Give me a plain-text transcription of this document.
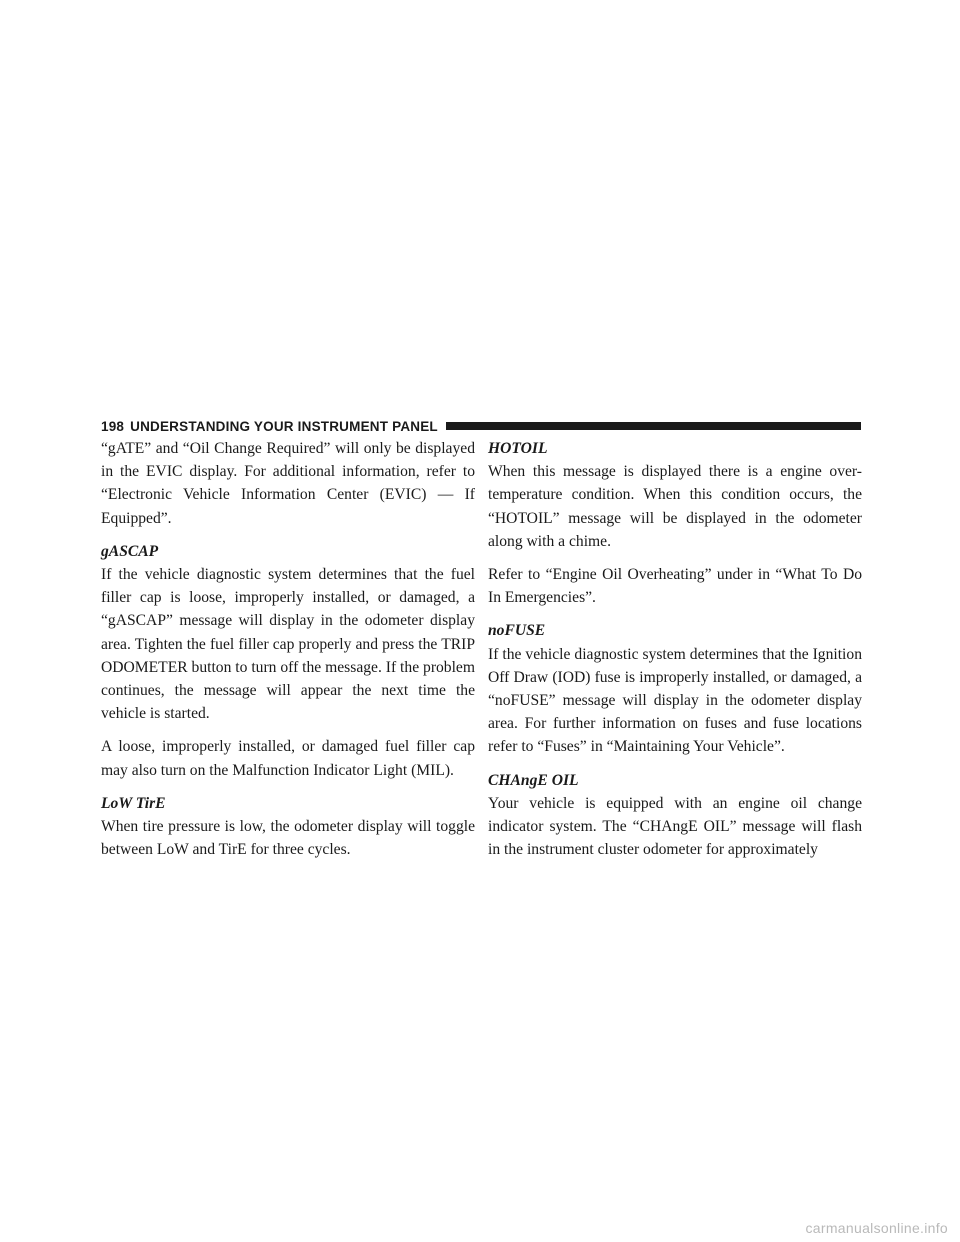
198 UNDERSTANDING YOUR INSTRUMENT PANEL

“gATE” and “Oil Change Required” will only be displayed in the EVIC display. For additional information, refer to “Electronic Vehicle Information Center (EVIC) — If Equipped”.

gASCAP

If the vehicle diagnostic system determines that the fuel filler cap is loose, improperly installed, or damaged, a “gASCAP” message will display in the odometer display area. Tighten the fuel filler cap properly and press the TRIP ODOMETER button to turn off the message. If the problem continues, the message will appear the next time the vehicle is started.

A loose, improperly installed, or damaged fuel filler cap may also turn on the Malfunction Indicator Light (MIL).

LoW TirE

When tire pressure is low, the odometer display will toggle between LoW and TirE for three cycles.

HOTOIL

When this message is displayed there is a engine over-temperature condition. When this condition occurs, the “HOTOIL” message will be displayed in the odometer along with a chime.

Refer to “Engine Oil Overheating” under in “What To Do In Emergencies”.

noFUSE

If the vehicle diagnostic system determines that the Ignition Off Draw (IOD) fuse is improperly installed, or damaged, a “noFUSE” message will display in the odometer display area. For further information on fuses and fuse locations refer to “Fuses” in “Maintaining Your Vehicle”.

CHAngE OIL

Your vehicle is equipped with an engine oil change indicator system. The “CHAngE OIL” message will flash in the instrument cluster odometer for approximately

carmanualsonline.info
